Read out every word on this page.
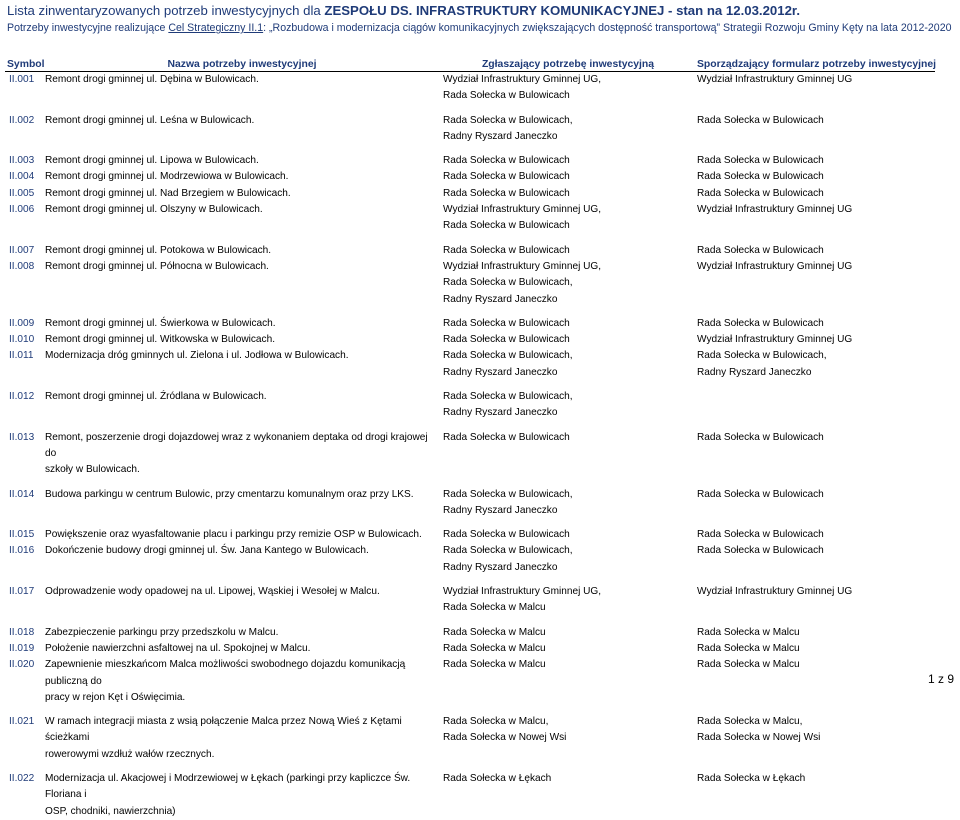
Lista zinwentaryzowanych potrzeb inwestycyjnych dla ZESPOŁU DS. INFRASTRUKTURY KOMUNIKACYJNEJ - stan na 12.03.2012r.
Potrzeby inwestycyjne realizujące Cel Strategiczny II.1: „Rozbudowa i modernizacja ciągów komunikacyjnych zwiększających dostępność transportową” Strategii Rozwoju Gminy Kęty na lata 2012-2020
Symbol	Nazwa potrzeby inwestycyjnej	Zgłaszający potrzebę inwestycyjną	Sporządzający formularz potrzeby inwestycyjnej

II.001	Remont drogi gminnej ul. Dębina w Bulowicach.	Wydział Infrastruktury Gminnej UG,
Rada Sołecka w Bulowicach	Wydział Infrastruktury Gminnej UG

II.002	Remont drogi gminnej ul. Leśna w Bulowicach.	Rada Sołecka w Bulowicach,
Radny Ryszard Janeczko	Rada Sołecka w Bulowicach

II.003	Remont drogi gminnej ul. Lipowa w Bulowicach.	Rada Sołecka w Bulowicach	Rada Sołecka w Bulowicach
II.004	Remont drogi gminnej ul. Modrzewiowa w Bulowicach.	Rada Sołecka w Bulowicach	Rada Sołecka w Bulowicach
II.005	Remont drogi gminnej ul. Nad Brzegiem w Bulowicach.	Rada Sołecka w Bulowicach	Rada Sołecka w Bulowicach
II.006	Remont drogi gminnej ul. Olszyny w Bulowicach.	Wydział Infrastruktury Gminnej UG,
Rada Sołecka w Bulowicach	Wydział Infrastruktury Gminnej UG

II.007	Remont drogi gminnej ul. Potokowa w Bulowicach.	Rada Sołecka w Bulowicach	Rada Sołecka w Bulowicach
II.008	Remont drogi gminnej ul. Północna w Bulowicach.	Wydział Infrastruktury Gminnej UG,
Rada Sołecka w Bulowicach,
Radny Ryszard Janeczko	Wydział Infrastruktury Gminnej UG

II.009	Remont drogi gminnej ul. Świerkowa w Bulowicach.	Rada Sołecka w Bulowicach	Rada Sołecka w Bulowicach
II.010	Remont drogi gminnej ul. Witkowska w Bulowicach.	Rada Sołecka w Bulowicach	Wydział Infrastruktury Gminnej UG
II.011	Modernizacja dróg gminnych ul. Zielona i ul. Jodłowa w Bulowicach.	Rada Sołecka w Bulowicach,
Radny Ryszard Janeczko	Rada Sołecka w Bulowicach,
Radny Ryszard Janeczko

II.012	Remont drogi gminnej ul. Źródlana w Bulowicach.	Rada Sołecka w Bulowicach,
Radny Ryszard Janeczko	

II.013	Remont, poszerzenie drogi dojazdowej wraz z wykonaniem deptaka od drogi krajowej do
szkoły w Bulowicach.	Rada Sołecka w Bulowicach	Rada Sołecka w Bulowicach

II.014	Budowa parkingu w centrum Bulowic, przy cmentarzu komunalnym oraz przy LKS.	Rada Sołecka w Bulowicach,
Radny Ryszard Janeczko	Rada Sołecka w Bulowicach

II.015	Powiększenie oraz wyasfaltowanie placu i parkingu przy remizie OSP w Bulowicach.	Rada Sołecka w Bulowicach	Rada Sołecka w Bulowicach
II.016	Dokończenie budowy drogi gminnej ul. Św. Jana Kantego w Bulowicach.	Rada Sołecka w Bulowicach,
Radny Ryszard Janeczko	Rada Sołecka w Bulowicach

II.017	Odprowadzenie wody opadowej na ul. Lipowej, Wąskiej i Wesołej w Malcu.	Wydział Infrastruktury Gminnej UG,
Rada Sołecka w Malcu	Wydział Infrastruktury Gminnej UG

II.018	Zabezpieczenie parkingu przy przedszkolu w Malcu.	Rada Sołecka w Malcu	Rada Sołecka w Malcu
II.019	Położenie nawierzchni asfaltowej na ul. Spokojnej w Malcu.	Rada Sołecka w Malcu	Rada Sołecka w Malcu
II.020	Zapewnienie mieszkańcom Malca możliwości swobodnego dojazdu komunikacją publiczną do
pracy w rejon Kęt i Oświęcimia.	Rada Sołecka w Malcu	Rada Sołecka w Malcu

II.021	W ramach integracji miasta z wsią połączenie Malca przez Nową Wieś z Kętami ścieżkami
rowerowymi wzdłuż wałów rzecznych.	Rada Sołecka w Malcu,
Rada Sołecka w Nowej Wsi	Rada Sołecka w Malcu,
Rada Sołecka w Nowej Wsi

II.022	Modernizacja ul. Akacjowej i Modrzewiowej w Łękach (parkingi przy kapliczce Św. Floriana i
OSP, chodniki, nawierzchnia)	Rada Sołecka w Łękach	Rada Sołecka w Łękach
1 z 9
